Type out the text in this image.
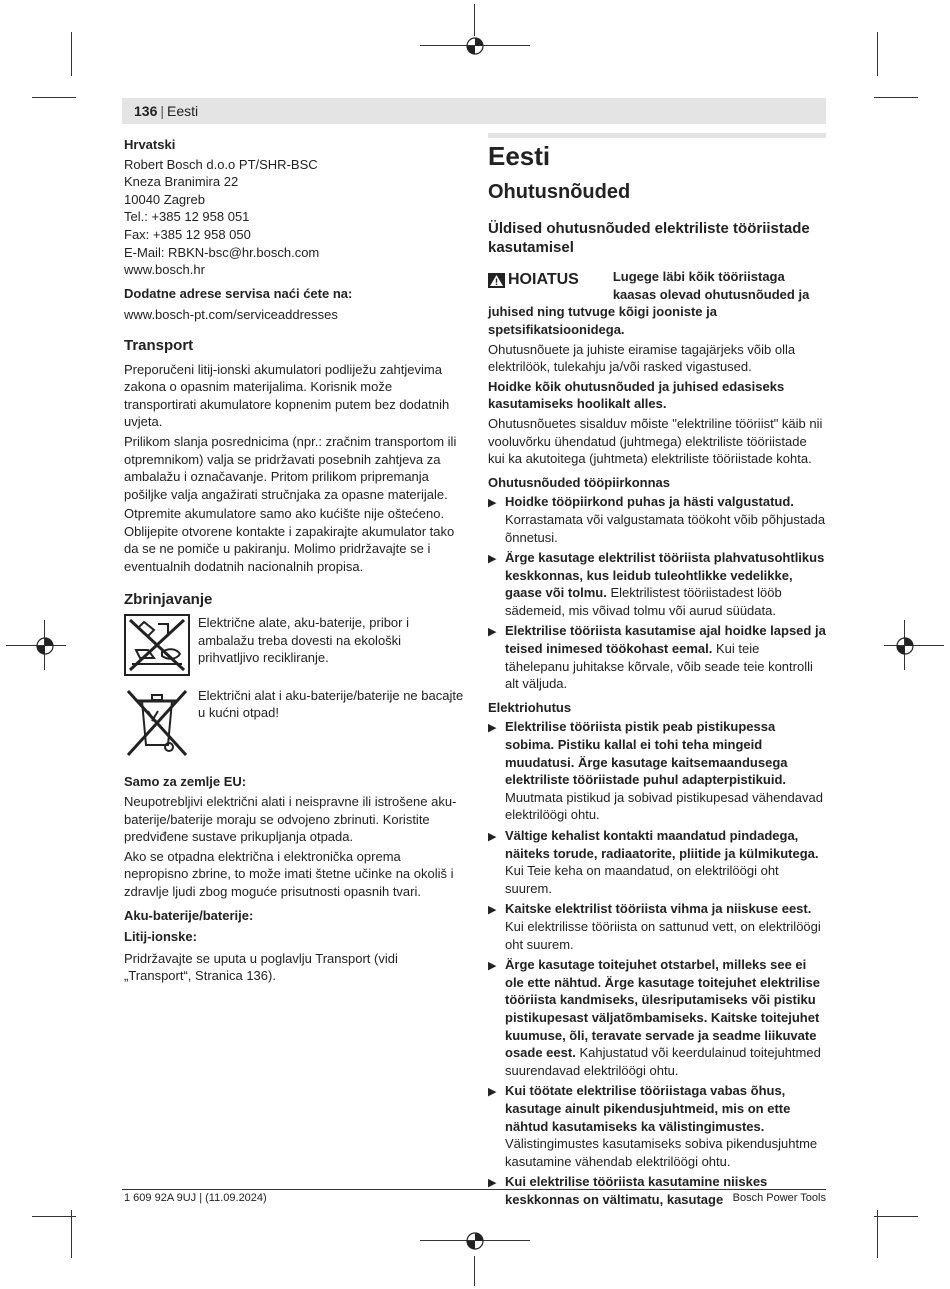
136 | Eesti

Hrvatski

Robert Bosch d.o.o PT/SHR-BSC
Kneza Branimira 22
10040 Zagreb
Tel.: +385 12 958 051
Fax: +385 12 958 050
E-Mail: RBKN-bsc@hr.bosch.com
www.bosch.hr

Dodatne adrese servisa naći ćete na:

www.bosch-pt.com/serviceaddresses

Transport

Preporučeni litij-ionski akumulatori podliježu zahtjevima zakona o opasnim materijalima. Korisnik može transportirati akumulatore kopnenim putem bez dodatnih uvjeta.

Prilikom slanja posrednicima (npr.: zračnim transportom ili otpremnikom) valja se pridržavati posebnih zahtjeva za ambalažu i označavanje. Pritom prilikom pripremanja pošiljke valja angažirati stručnjaka za opasne materijale.

Otpremite akumulatore samo ako kućište nije oštećeno. Oblijepite otvorene kontakte i zapakirajte akumulator tako da se ne pomiče u pakiranju. Molimo pridržavajte se i eventualnih dodatnih nacionalnih propisa.

Zbrinjavanje
Električne alate, aku-baterije, pribor i ambalažu treba dovesti na ekološki prihvatljivo recikliranje.
Električni alat i aku-baterije/baterije ne bacajte u kućni otpad!

Samo za zemlje EU:

Neupotrebljivi električni alati i neispravne ili istrošene aku-baterije/baterije moraju se odvojeno zbrinuti. Koristite predviđene sustave prikupljanja otpada.

Ako se otpadna električna i elektronička oprema nepropisno zbrine, to može imati štetne učinke na okoliš i zdravlje ljudi zbog moguće prisutnosti opasnih tvari.

Aku-baterije/baterije:

Litij-ionske:

Pridržavajte se uputa u poglavlju Transport (vidi „Transport“, Stranica 136).

Eesti
Ohutusnõuded
Üldised ohutusnõuded elektriliste tööriistade kasutamisel
HOIATUS	Lugege läbi kõik tööriistaga kaasas olevad ohutusnõuded ja juhised ning tutvuge kõigi jooniste ja spetsifikatsioonidega.

Ohutusnõuete ja juhiste eiramise tagajärjeks võib olla elektrilöök, tulekahju ja/või rasked vigastused.

Hoidke kõik ohutusnõuded ja juhised edasiseks kasutamiseks hoolikalt alles.

Ohutusnõuetes sisalduv mõiste "elektriline tööriist" käib nii vooluvõrku ühendatud (juhtmega) elektriliste tööriistade kui ka akutoitega (juhtmeta) elektriliste tööriistade kohta.

Ohutusnõuded tööpiirkonnas

▶ Hoidke tööpiirkond puhas ja hästi valgustatud. Korrastamata või valgustamata töökoht võib põhjustada õnnetusi.
▶ Ärge kasutage elektrilist tööriista plahvatusohtlikus keskkonnas, kus leidub tuleohtlikke vedelikke, gaase või tolmu. Elektrilistest tööriistadest lööb sädemeid, mis võivad tolmu või aurud süüdata.
▶ Elektrilise tööriista kasutamise ajal hoidke lapsed ja teised inimesed töökohast eemal. Kui teie tähelepanu juhitakse kõrvale, võib seade teie kontrolli alt väljuda.

Elektriohutus

▶ Elektrilise tööriista pistik peab pistikupessa sobima. Pistiku kallal ei tohi teha mingeid muudatusi. Ärge kasutage kaitsemaandusega elektriliste tööriistade puhul adapterpistikuid. Muutmata pistikud ja sobivad pistikupesad vähendavad elektrilöögi ohtu.
▶ Vältige kehalist kontakti maandatud pindadega, näiteks torude, radiaatorite, pliitide ja külmikutega. Kui Teie keha on maandatud, on elektrilöögi oht suurem.
▶ Kaitske elektrilist tööriista vihma ja niiskuse eest. Kui elektrilisse tööriista on sattunud vett, on elektrilöögi oht suurem.
▶ Ärge kasutage toitejuhet otstarbel, milleks see ei ole ette nähtud. Ärge kasutage toitejuhet elektrilise tööriista kandmiseks, ülesriputamiseks või pistiku pistikupesast väljatõmbamiseks. Kaitske toitejuhet kuumuse, õli, teravate servade ja seadme liikuvate osade eest. Kahjustatud või keerdulainud toitejuhtmed suurendavad elektrilöögi ohtu.
▶ Kui töötate elektrilise tööriistaga vabas õhus, kasutage ainult pikendusjuhtmeid, mis on ette nähtud kasutamiseks ka välistingimustes. Välistingimustes kasutamiseks sobiva pikendusjuhtme kasutamine vähendab elektrilöögi ohtu.
▶ Kui elektrilise tööriista kasutamine niiskes keskkonnas on vältimatu, kasutage
1 609 92A 9UJ | (11.09.2024)	Bosch Power Tools
